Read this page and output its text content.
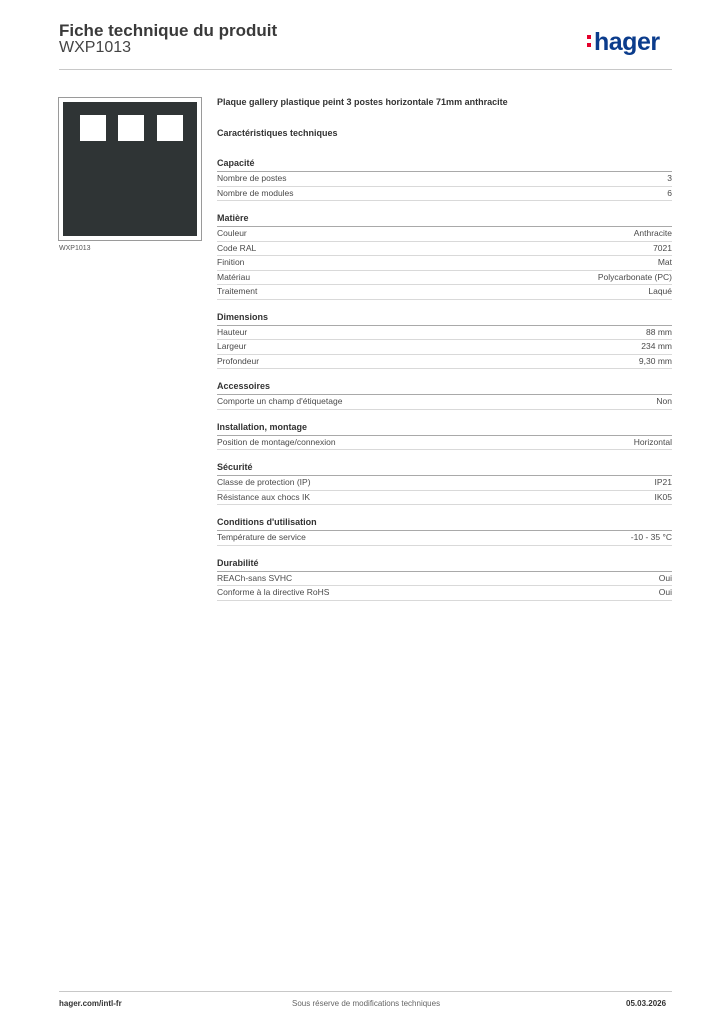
Fiche technique du produit
WXP1013	hager
WXP1013
Plaque gallery plastique peint 3 postes horizontale 71mm anthracite
Caractéristiques techniques
Capacité
Nombre de postes	3
Nombre de modules	6
Matière
Couleur	Anthracite
Code RAL	7021
Finition	Mat
Matériau	Polycarbonate (PC)
Traitement	Laqué
Dimensions
Hauteur	88 mm
Largeur	234 mm
Profondeur	9,30 mm
Accessoires
Comporte un champ d'étiquetage	Non
Installation, montage
Position de montage/connexion	Horizontal
Sécurité
Classe de protection (IP)	IP21
Résistance aux chocs IK	IK05
Conditions d'utilisation
Température de service	-10 - 35 °C
Durabilité
REACh-sans SVHC	Oui
Conforme à la directive RoHS	Oui
hager.com/intl-fr	Sous réserve de modifications techniques	05.03.2026
